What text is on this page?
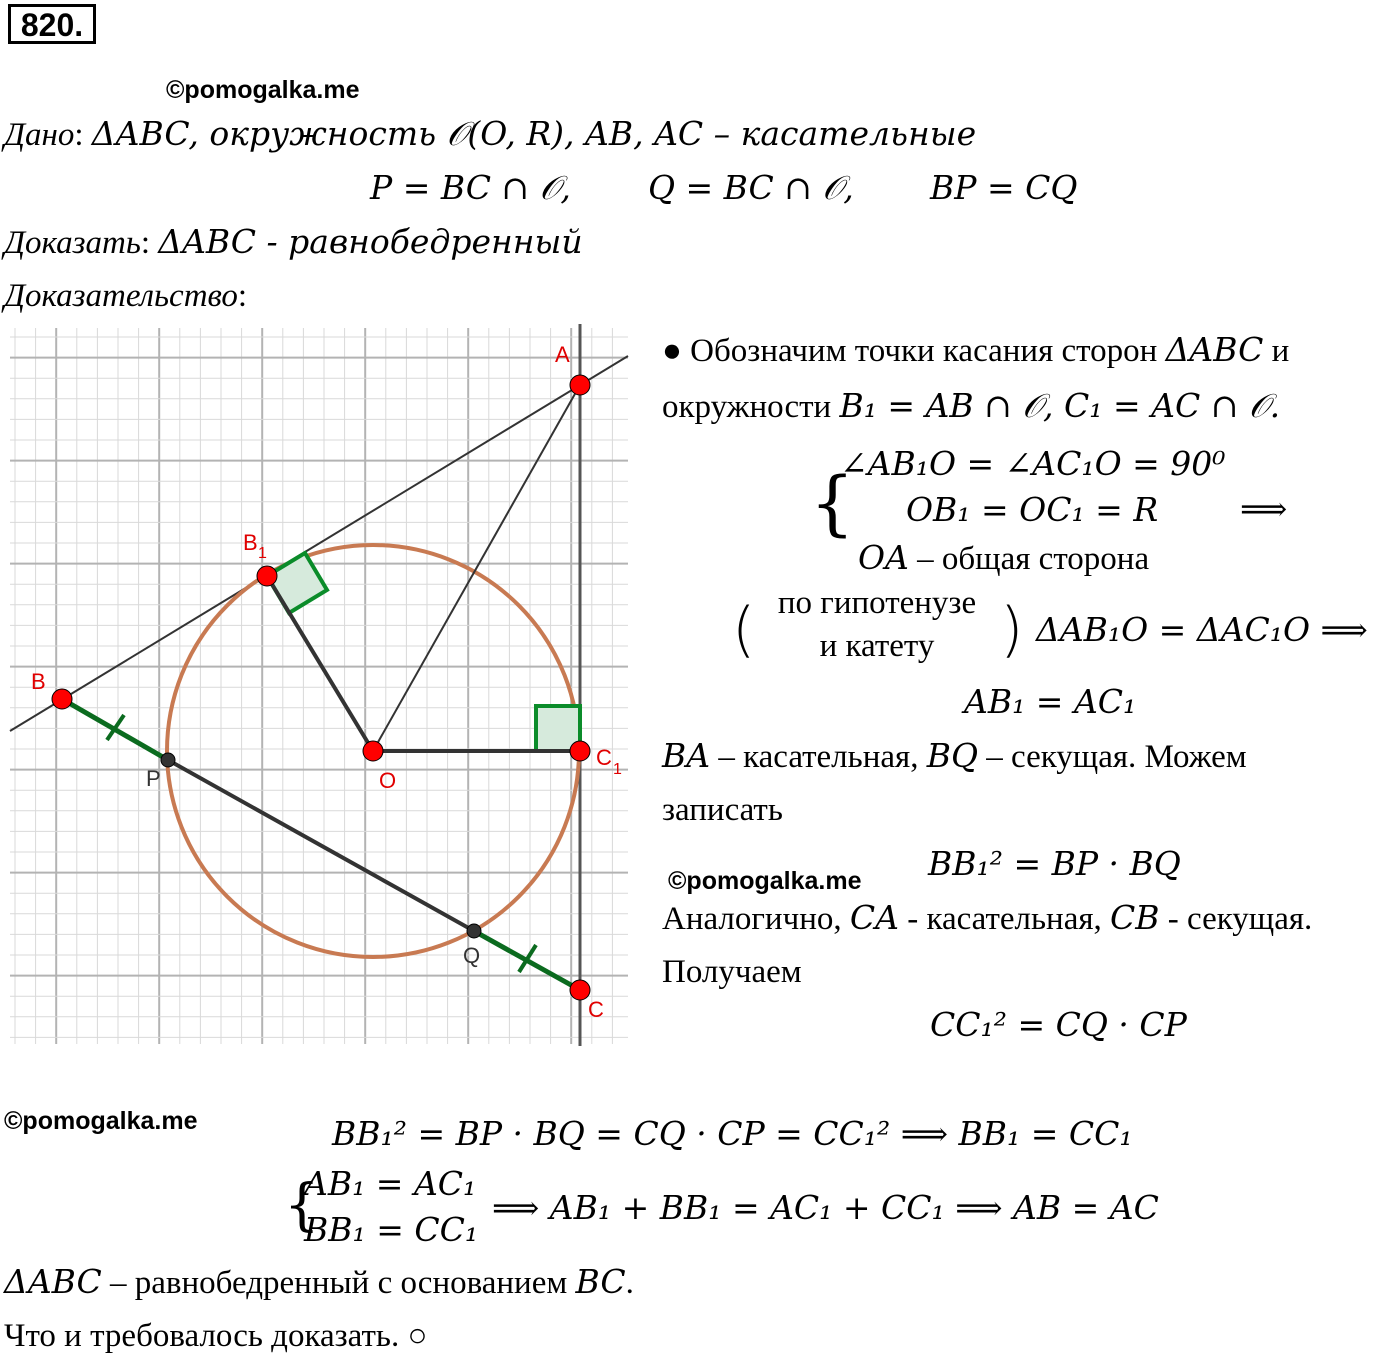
820.
©pomogalka.me
Дано: ΔABC, окружность 𝒪(O, R), AB, AC – касательные
P = BC ∩ 𝒪, Q = BC ∩ 𝒪, BP = CQ
Доказать: ΔABC - равнобедренный
Доказательство:
A
B
B 1
O
C 1
C
P
Q
● Обозначим точки касания сторон ΔABC и
окружности B₁ = AB ∩ 𝒪, C₁ = AC ∩ 𝒪.
{
∠AB₁O = ∠AC₁O = 90⁰
OB₁ = OC₁ = R
OA – общая сторона
⟹
( по гипотенузе
и катету	) ΔAB₁O = ΔAC₁O ⟹
AB₁ = AC₁
BA – касательная, BQ – секущая. Можем
записать
BB₁² = BP · BQ
©pomogalka.me
Аналогично, CA - касательная, CB - секущая.
Получаем
CC₁² = CQ · CP
©pomogalka.me	BB₁² = BP · BQ = CQ · CP = CC₁² ⟹ BB₁ = CC₁
{
AB₁ = AC₁
BB₁ = CC₁
⟹ AB₁ + BB₁ = AC₁ + CC₁ ⟹ AB = AC
ΔABC – равнобедренный с основанием BC.
Что и требовалось доказать. ○
